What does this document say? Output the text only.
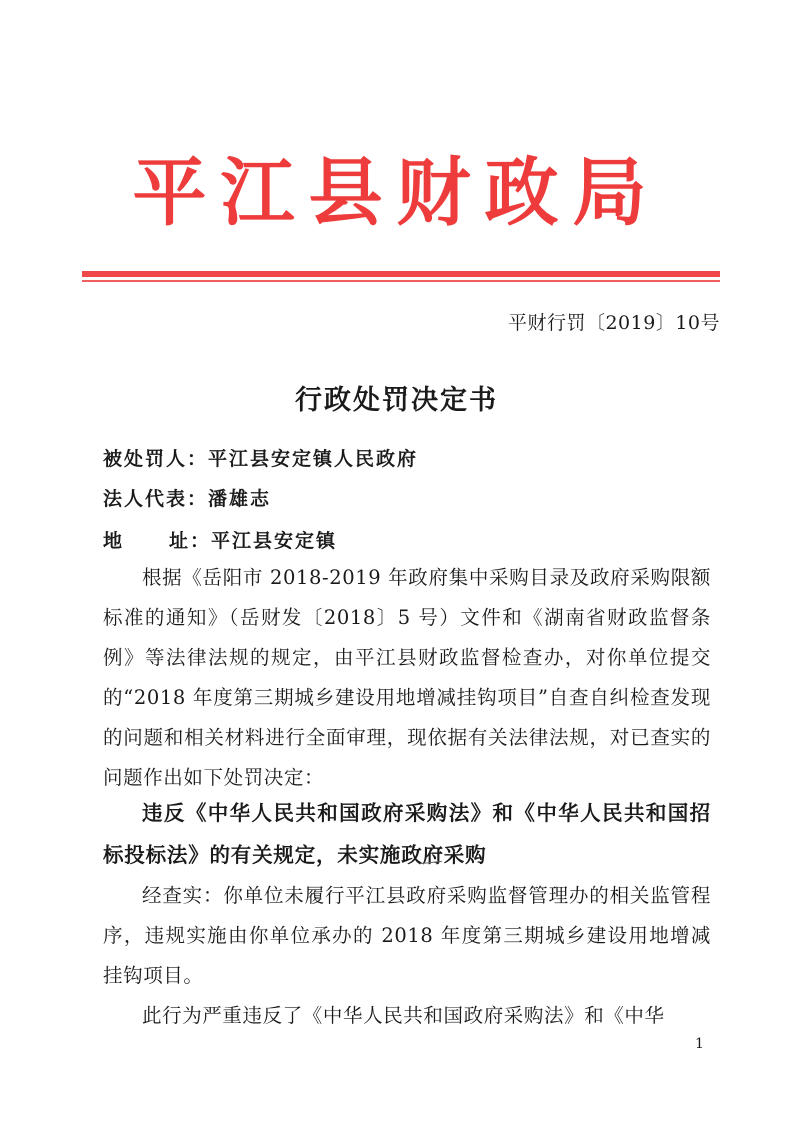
平江县财政局
平财行罚〔2019〕10号
行政处罚决定书
被处罚人：平江县安定镇人民政府
法人代表：潘雄志
地 址： 平江县安定镇
根据《岳阳市 2018-2019 年政府集中采购目录及政府采购限额标准的通知》（岳财发〔2018〕5 号）文件和《湖南省财政监督条例》等法律法规的规定，由平江县财政监督检查办，对你单位提交的“2018 年度第三期城乡建设用地增减挂钩项目”自查自纠检查发现的问题和相关材料进行全面审理，现依据有关法律法规，对已查实的问题作出如下处罚决定：
违反《中华人民共和国政府采购法》和《中华人民共和国招标投标法》的有关规定，未实施政府采购
经查实：你单位未履行平江县政府采购监督管理办的相关监管程序，违规实施由你单位承办的 2018 年度第三期城乡建设用地增减挂钩项目。
此行为严重违反了《中华人民共和国政府采购法》和《中华
1
